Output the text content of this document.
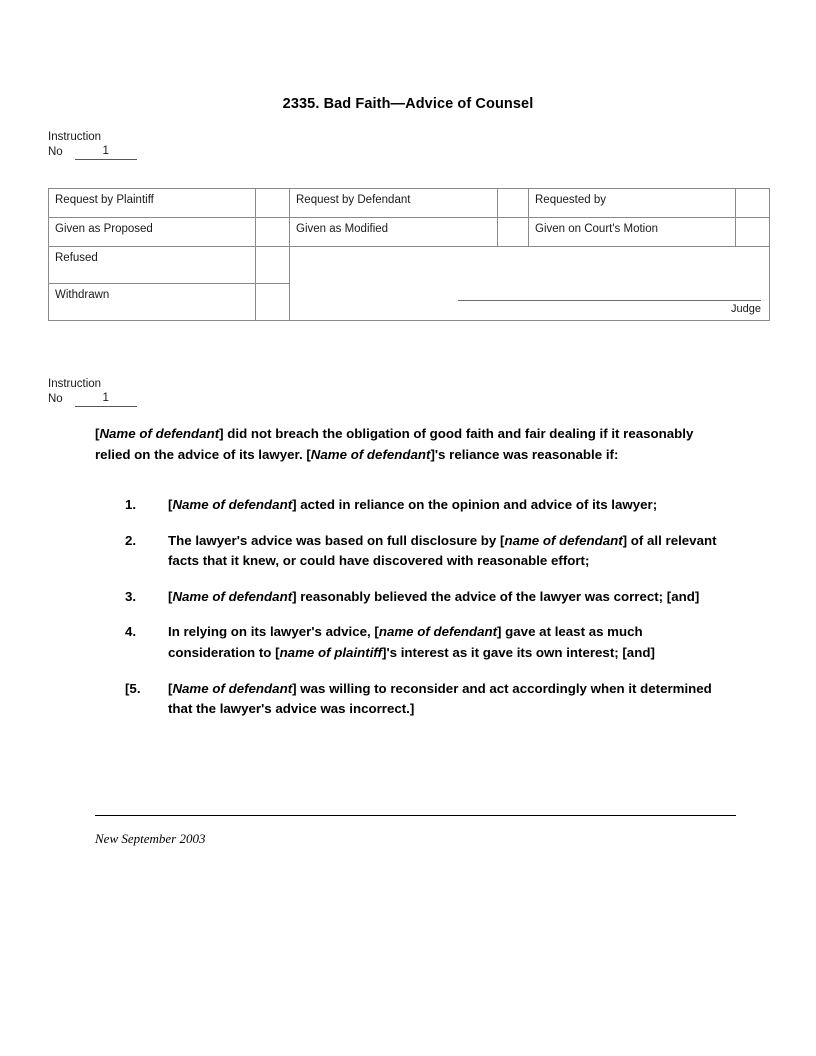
2335. Bad Faith—Advice of Counsel
Instruction
No	1
Request by Plaintiff		Request by Defendant		Requested by	
Given as Proposed		Given as Modified		Given on Court's Motion	
Refused		Judge			

Withdrawn					
Instruction
No	1
[Name of defendant] did not breach the obligation of good faith and fair dealing if it reasonably relied on the advice of its lawyer. [Name of defendant]'s reliance was reasonable if:
1.	[Name of defendant] acted in reliance on the opinion and advice of its lawyer;
2.	The lawyer's advice was based on full disclosure by [name of defendant] of all relevant facts that it knew, or could have discovered with reasonable effort;
3.	[Name of defendant] reasonably believed the advice of the lawyer was correct; [and]
4.	In relying on its lawyer's advice, [name of defendant] gave at least as much consideration to [name of plaintiff]'s interest as it gave its own interest; [and]
[5.	[Name of defendant] was willing to reconsider and act accordingly when it determined that the lawyer's advice was incorrect.]
New September 2003
